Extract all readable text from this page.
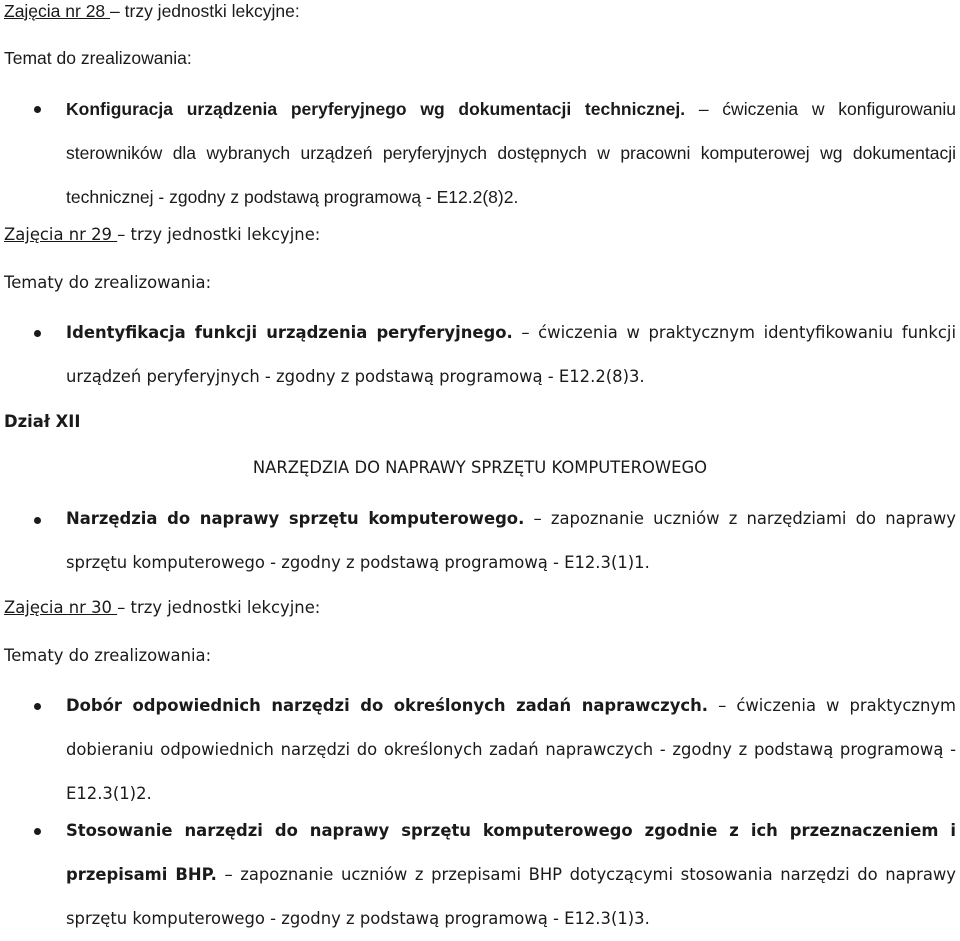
Zajęcia nr 28 – trzy jednostki lekcyjne:
Temat do zrealizowania:
Konfiguracja urządzenia peryferyjnego wg dokumentacji technicznej. – ćwiczenia w konfigurowaniu sterowników dla wybranych urządzeń peryferyjnych dostępnych w pracowni komputerowej wg dokumentacji technicznej - zgodny z podstawą programową - E12.2(8)2.
Zajęcia nr 29 – trzy jednostki lekcyjne:
Tematy do zrealizowania:
Identyfikacja funkcji urządzenia peryferyjnego. – ćwiczenia w praktycznym identyfikowaniu funkcji urządzeń peryferyjnych - zgodny z podstawą programową - E12.2(8)3.
Dział XII
NARZĘDZIA DO NAPRAWY SPRZĘTU KOMPUTEROWEGO
Narzędzia do naprawy sprzętu komputerowego. – zapoznanie uczniów z narzędziami do naprawy sprzętu komputerowego - zgodny z podstawą programową - E12.3(1)1.
Zajęcia nr 30 – trzy jednostki lekcyjne:
Tematy do zrealizowania:
Dobór odpowiednich narzędzi do określonych zadań naprawczych. – ćwiczenia w praktycznym dobieraniu odpowiednich narzędzi do określonych zadań naprawczych - zgodny z podstawą programową - E12.3(1)2.
Stosowanie narzędzi do naprawy sprzętu komputerowego zgodnie z ich przeznaczeniem i przepisami BHP. – zapoznanie uczniów z przepisami BHP dotyczącymi stosowania narzędzi do naprawy sprzętu komputerowego - zgodny z podstawą programową - E12.3(1)3.
